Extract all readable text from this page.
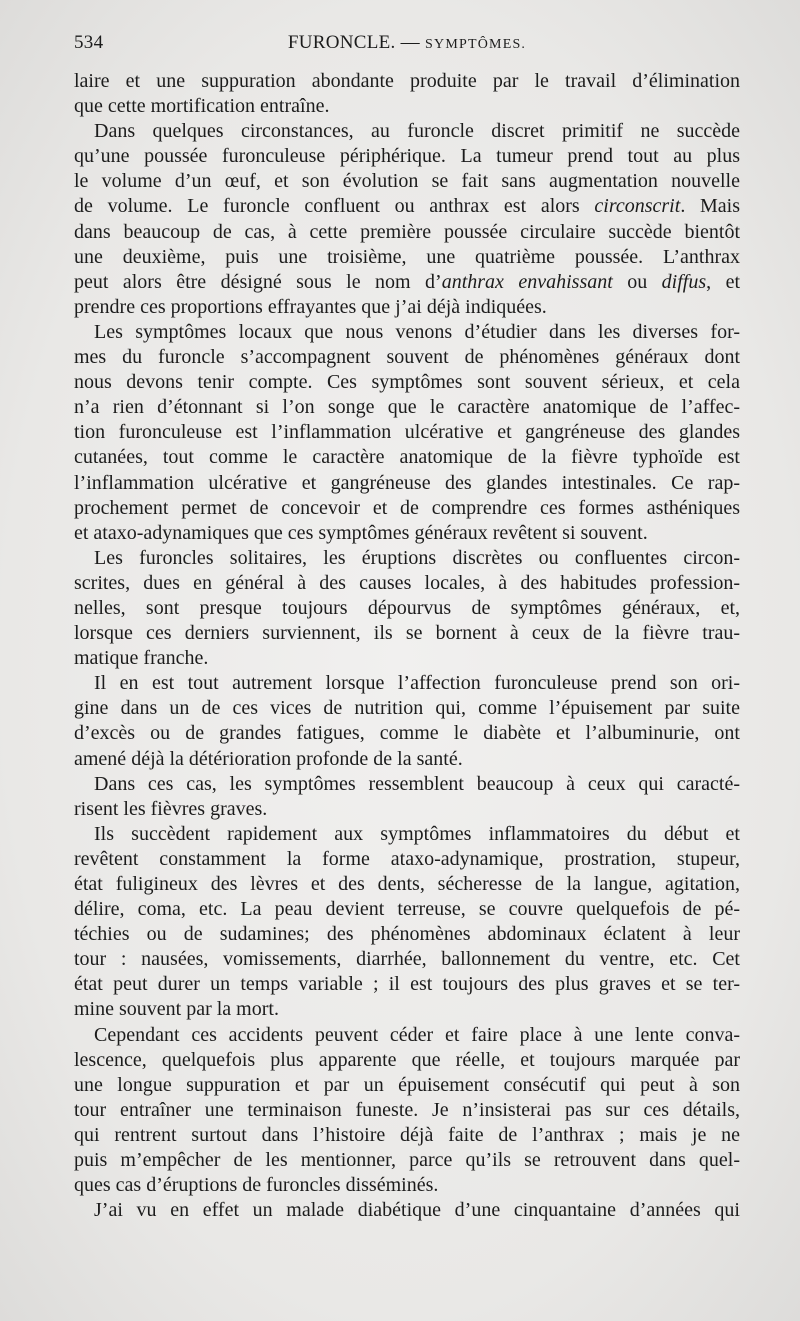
534	FURONCLE. — SYMPTÔMES.
laire et une suppuration abondante produite par le travail d’élimination
que cette mortification entraîne.
Dans quelques circonstances, au furoncle discret primitif ne succède
qu’une poussée furonculeuse périphérique. La tumeur prend tout au plus
le volume d’un œuf, et son évolution se fait sans augmentation nouvelle
de volume. Le furoncle confluent ou anthrax est alors circonscrit. Mais
dans beaucoup de cas, à cette première poussée circulaire succède bientôt
une deuxième, puis une troisième, une quatrième poussée. L’anthrax
peut alors être désigné sous le nom d’anthrax envahissant ou diffus, et
prendre ces proportions effrayantes que j’ai déjà indiquées.
Les symptômes locaux que nous venons d’étudier dans les diverses for-
mes du furoncle s’accompagnent souvent de phénomènes généraux dont
nous devons tenir compte. Ces symptômes sont souvent sérieux, et cela
n’a rien d’étonnant si l’on songe que le caractère anatomique de l’affec-
tion furonculeuse est l’inflammation ulcérative et gangréneuse des glandes
cutanées, tout comme le caractère anatomique de la fièvre typhoïde est
l’inflammation ulcérative et gangréneuse des glandes intestinales. Ce rap-
prochement permet de concevoir et de comprendre ces formes asthéniques
et ataxo-adynamiques que ces symptômes généraux revêtent si souvent.
Les furoncles solitaires, les éruptions discrètes ou confluentes circon-
scrites, dues en général à des causes locales, à des habitudes profession-
nelles, sont presque toujours dépourvus de symptômes généraux, et,
lorsque ces derniers surviennent, ils se bornent à ceux de la fièvre trau-
matique franche.
Il en est tout autrement lorsque l’affection furonculeuse prend son ori-
gine dans un de ces vices de nutrition qui, comme l’épuisement par suite
d’excès ou de grandes fatigues, comme le diabète et l’albuminurie, ont
amené déjà la détérioration profonde de la santé.
Dans ces cas, les symptômes ressemblent beaucoup à ceux qui caracté-
risent les fièvres graves.
Ils succèdent rapidement aux symptômes inflammatoires du début et
revêtent constamment la forme ataxo-adynamique, prostration, stupeur,
état fuligineux des lèvres et des dents, sécheresse de la langue, agitation,
délire, coma, etc. La peau devient terreuse, se couvre quelquefois de pé-
téchies ou de sudamines; des phénomènes abdominaux éclatent à leur
tour : nausées, vomissements, diarrhée, ballonnement du ventre, etc. Cet
état peut durer un temps variable ; il est toujours des plus graves et se ter-
mine souvent par la mort.
Cependant ces accidents peuvent céder et faire place à une lente conva-
lescence, quelquefois plus apparente que réelle, et toujours marquée par
une longue suppuration et par un épuisement consécutif qui peut à son
tour entraîner une terminaison funeste. Je n’insisterai pas sur ces détails,
qui rentrent surtout dans l’histoire déjà faite de l’anthrax ; mais je ne
puis m’empêcher de les mentionner, parce qu’ils se retrouvent dans quel-
ques cas d’éruptions de furoncles disséminés.
J’ai vu en effet un malade diabétique d’une cinquantaine d’années qui
